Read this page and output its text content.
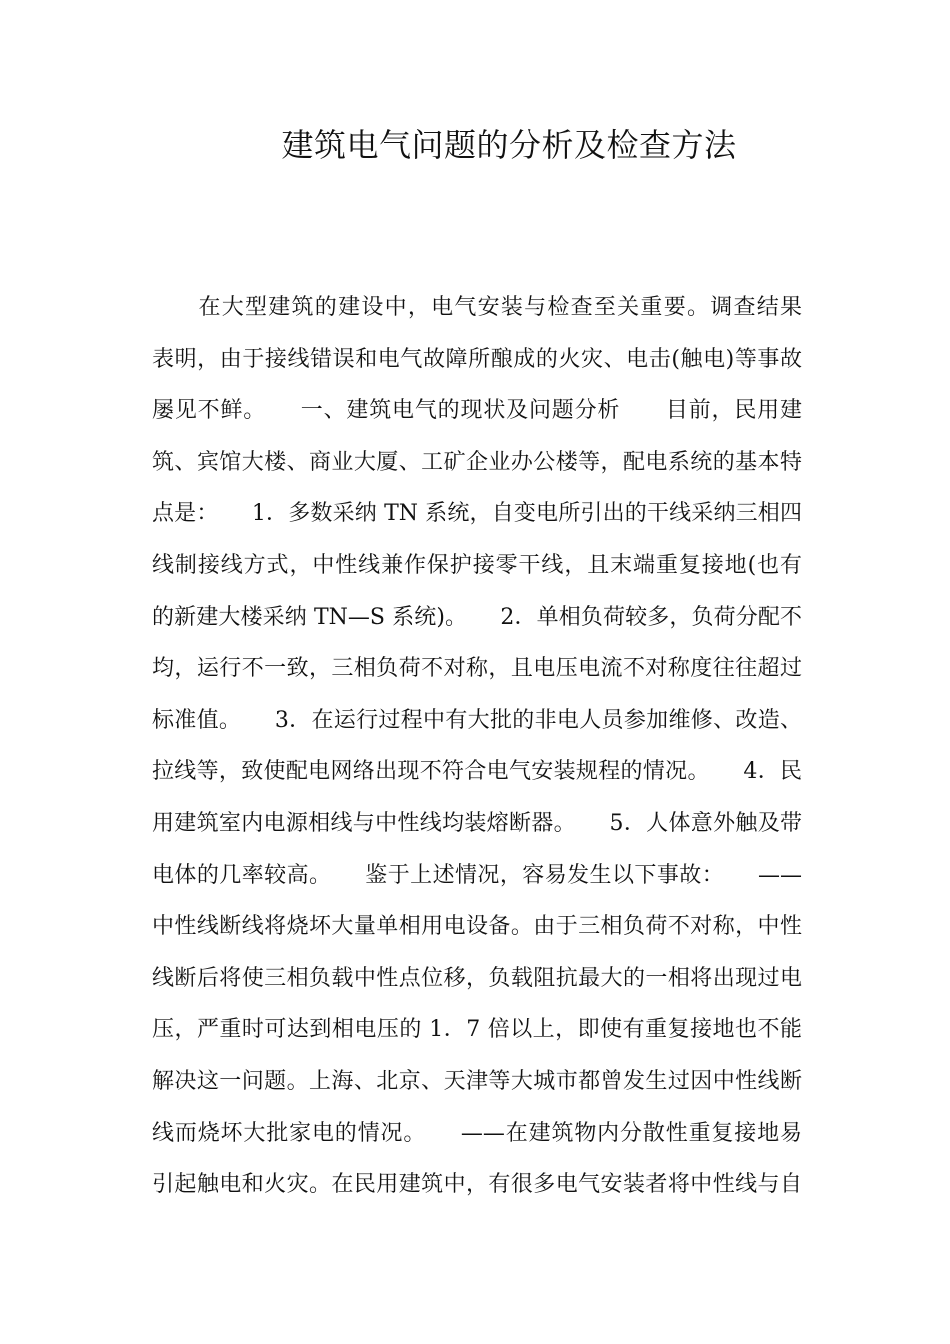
建筑电气问题的分析及检查方法
　　在大型建筑的建设中，电气安装与检查至关重要。调查结果
表明，由于接线错误和电气故障所酿成的火灾、电击(触电)等事故
屡见不鲜。　　一、建筑电气的现状及问题分析　　目前，民用建
筑、宾馆大楼、商业大厦、工矿企业办公楼等，配电系统的基本特
点是：　　1．多数采纳 TN 系统，自变电所引出的干线采纳三相四
线制接线方式，中性线兼作保护接零干线，且末端重复接地(也有
的新建大楼采纳 TN—S 系统)。　　2．单相负荷较多，负荷分配不
均，运行不一致，三相负荷不对称，且电压电流不对称度往往超过
标准值。　　3．在运行过程中有大批的非电人员参加维修、改造、
拉线等，致使配电网络出现不符合电气安装规程的情况。　　4．民
用建筑室内电源相线与中性线均装熔断器。　　5．人体意外触及带
电体的几率较高。　　鉴于上述情况，容易发生以下事故：　　——
中性线断线将烧坏大量单相用电设备。由于三相负荷不对称，中性
线断后将使三相负载中性点位移，负载阻抗最大的一相将出现过电
压，严重时可达到相电压的 1．7 倍以上，即使有重复接地也不能
解决这一问题。上海、北京、天津等大城市都曾发生过因中性线断
线而烧坏大批家电的情况。　　——在建筑物内分散性重复接地易
引起触电和火灾。在民用建筑中，有很多电气安装者将中性线与自
